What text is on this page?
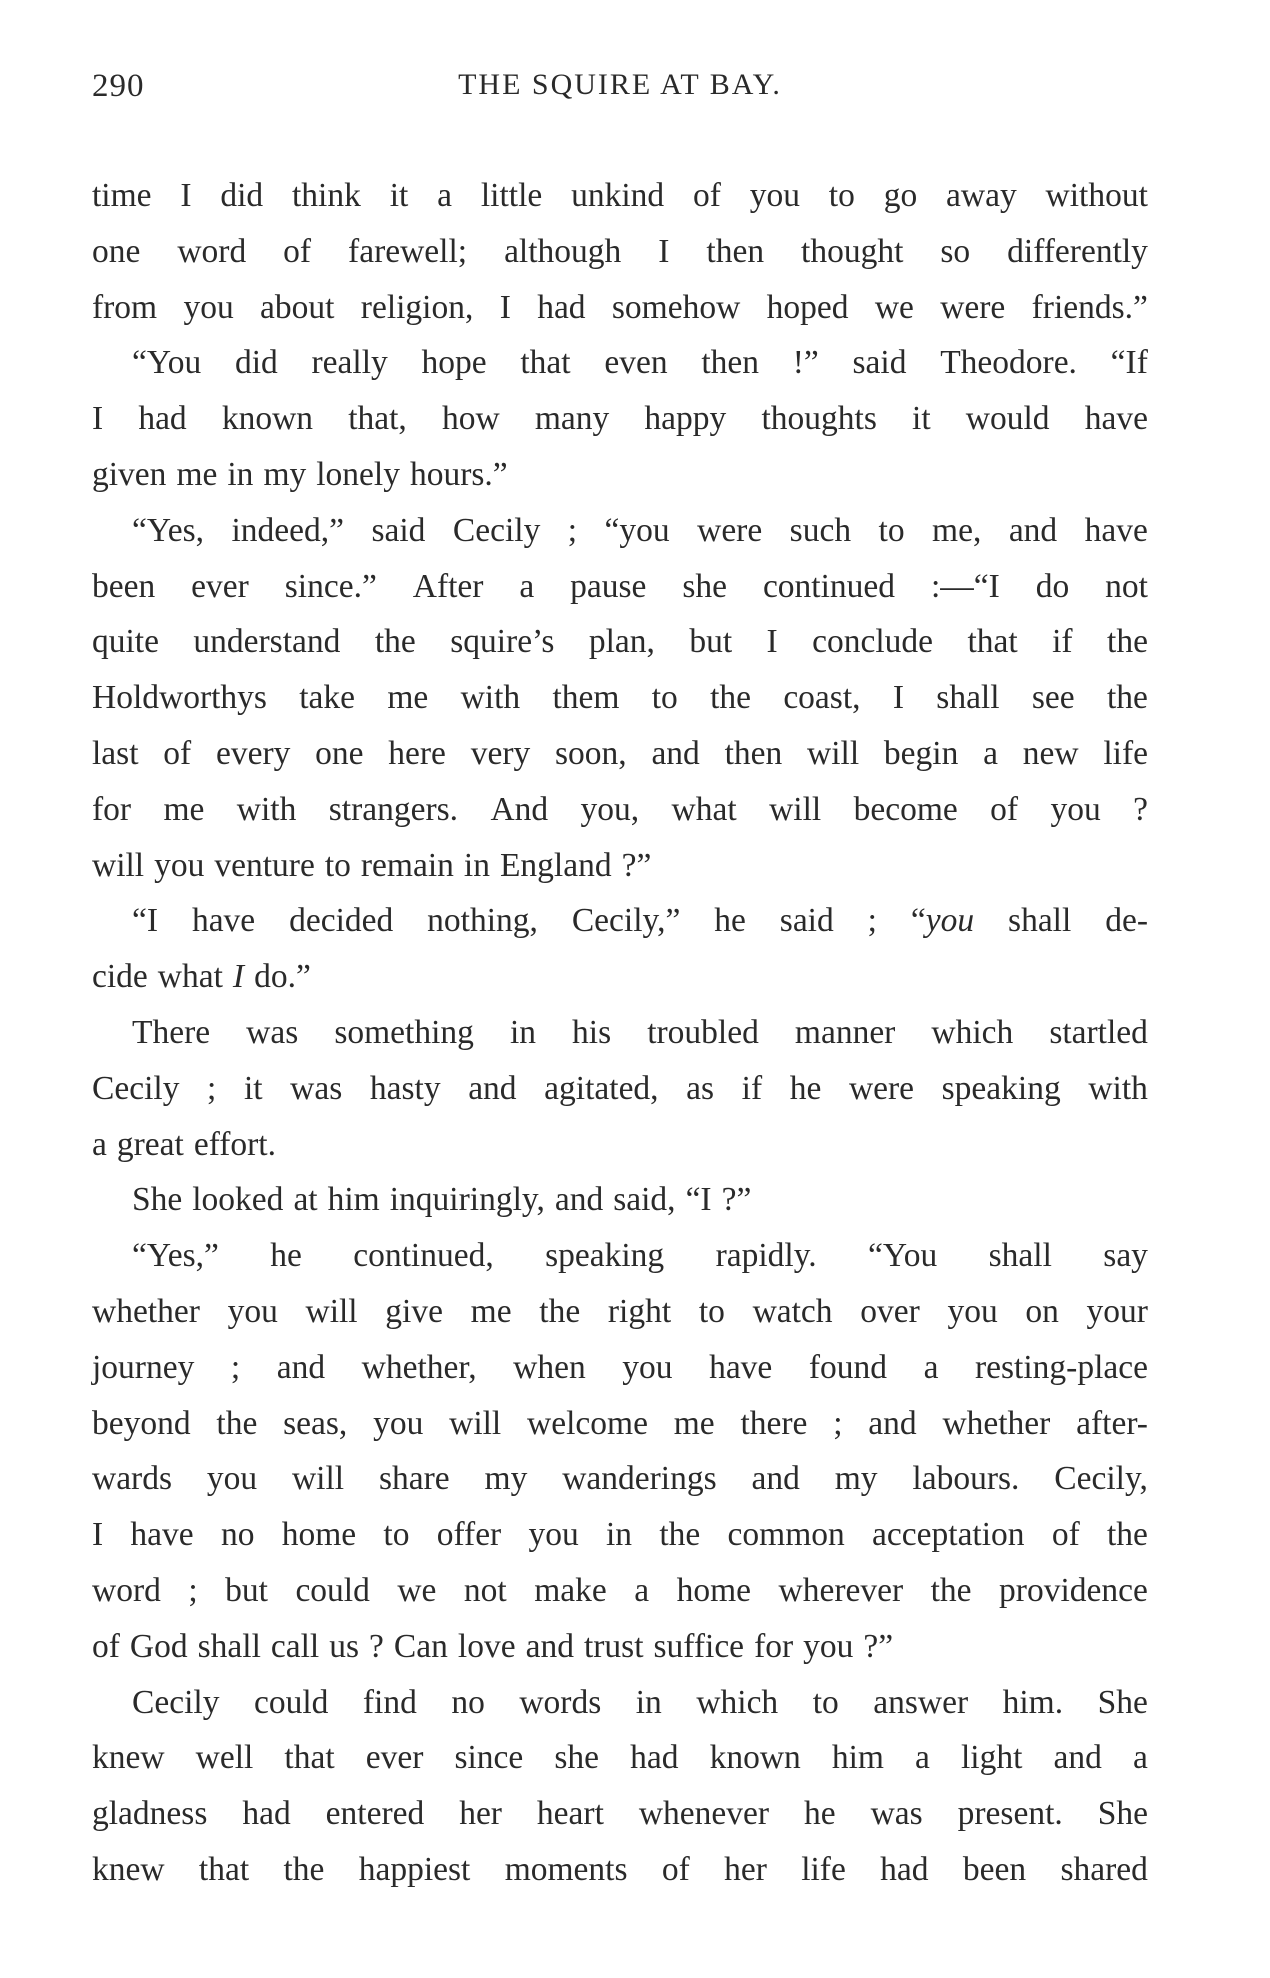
290	THE SQUIRE AT BAY.
time I did think it a little unkind of you to go away without
one word of farewell; although I then thought so differently
from you about religion, I had somehow hoped we were friends.”
“You did really hope that even then !” said Theodore. “If
I had known that, how many happy thoughts it would have
given me in my lonely hours.”
“Yes, indeed,” said Cecily ; “you were such to me, and have
been ever since.” After a pause she continued :—“I do not
quite understand the squire’s plan, but I conclude that if the
Holdworthys take me with them to the coast, I shall see the
last of every one here very soon, and then will begin a new life
for me with strangers. And you, what will become of you ?
will you venture to remain in England ?”
“I have decided nothing, Cecily,” he said ; “you shall de-
cide what I do.”
There was something in his troubled manner which startled
Cecily ; it was hasty and agitated, as if he were speaking with
a great effort.
She looked at him inquiringly, and said, “I ?”
“Yes,” he continued, speaking rapidly. “You shall say
whether you will give me the right to watch over you on your
journey ; and whether, when you have found a resting-place
beyond the seas, you will welcome me there ; and whether after-
wards you will share my wanderings and my labours. Cecily,
I have no home to offer you in the common acceptation of the
word ; but could we not make a home wherever the providence
of God shall call us ? Can love and trust suffice for you ?”
Cecily could find no words in which to answer him. She
knew well that ever since she had known him a light and a
gladness had entered her heart whenever he was present. She
knew that the happiest moments of her life had been shared
